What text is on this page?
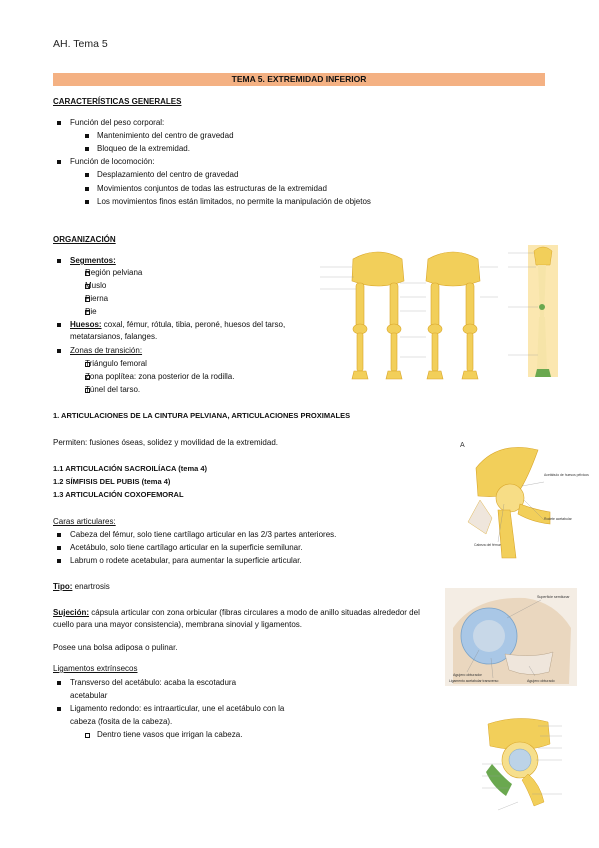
AH. Tema 5
TEMA 5. EXTREMIDAD INFERIOR
CARACTERÍSTICAS GENERALES
Función del peso corporal:
Mantenimiento del centro de gravedad
Bloqueo de la extremidad.
Función de locomoción:
Desplazamiento del centro de gravedad
Movimientos conjuntos de todas las estructuras de la extremidad
Los movimientos finos están limitados, no permite la manipulación de objetos
ORGANIZACIÓN
Segmentos:
Región pelviana
Muslo
Pierna
Pie
Huesos: coxal, fémur, rótula, tibia, peroné, huesos del tarso,
metatarsianos, falanges.
Zonas de transición:
Triángulo femoral
Zona poplítea: zona posterior de la rodilla.
Túnel del tarso.
1. ARTICULACIONES DE LA CINTURA PELVIANA, ARTICULACIONES PROXIMALES
Permiten: fusiones óseas, solidez y movilidad de la extremidad.
1.1 ARTICULACIÓN SACROILÍACA (tema 4)
1.2 SÍMFISIS DEL PUBIS (tema 4)
1.3 ARTICULACIÓN COXOFEMORAL
Caras articulares:
Cabeza del fémur, solo tiene cartílago articular en las 2/3 partes anteriores.
Acetábulo, solo tiene cartílago articular en la superficie semilunar.
Labrum o rodete acetabular, para aumentar la superficie articular.
Tipo: enartrosis
Sujeción: cápsula articular con zona orbicular (fibras circulares a modo de anillo situadas alrededor del
cuello para una mayor consistencia), membrana sinovial y ligamentos.
Posee una bolsa adiposa o pulinar.
Ligamentos extrínsecos
Transverso del acetábulo: acaba la escotadura
acetabular
Ligamento redondo: es intraarticular, une el acetábulo con la
cabeza (fosita de la cabeza).
Dentro tiene vasos que irrigan la cabeza.
A
Acetábulo de huesos pélvicos
Rodete acetabular
Cabeza del fémur
Superficie semilunar
Agujero obturador
Ligamento acetabular transverso	Agujero obturado
